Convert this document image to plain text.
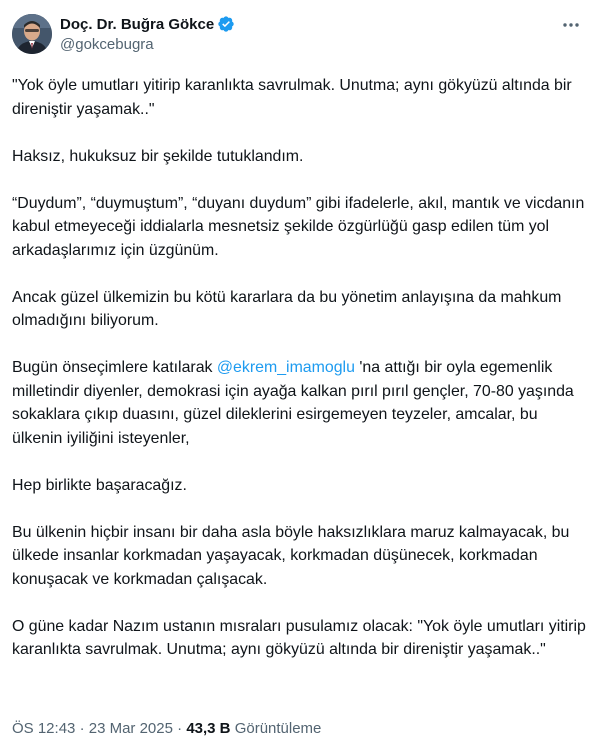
Doç. Dr. Buğra Gökce
@gokcebugra

"Yok öyle umutları yitirip karanlıkta savrulmak. Unutma; aynı gökyüzü altında bir direniştir yaşamak.."

Haksız, hukuksuz bir şekilde tutuklandım.

“Duydum”, “duymuştum”, “duyanı duydum” gibi ifadelerle, akıl, mantık ve vicdanın kabul etmeyeceği iddialarla mesnetsiz şekilde özgürlüğü gasp edilen tüm yol arkadaşlarımız için üzgünüm.

Ancak güzel ülkemizin bu kötü kararlara da bu yönetim anlayışına da mahkum olmadığını biliyorum.

Bugün önseçimlere katılarak @ekrem_imamoglu 'na attığı bir oyla egemenlik milletindir diyenler, demokrasi için ayağa kalkan pırıl pırıl gençler, 70-80 yaşında sokaklara çıkıp duasını, güzel dileklerini esirgemeyen teyzeler, amcalar, bu ülkenin iyiliğini isteyenler,

Hep birlikte başaracağız.

Bu ülkenin hiçbir insanı bir daha asla böyle haksızlıklara maruz kalmayacak, bu ülkede insanlar korkmadan yaşayacak, korkmadan düşünecek, korkmadan konuşacak ve korkmadan çalışacak.

O güne kadar Nazım ustanın mısraları pusulamız olacak: "Yok öyle umutları yitirip karanlıkta savrulmak. Unutma; aynı gökyüzü altında bir direniştir yaşamak.."

ÖS 12:43 · 23 Mar 2025 · 43,3 B Görüntüleme
